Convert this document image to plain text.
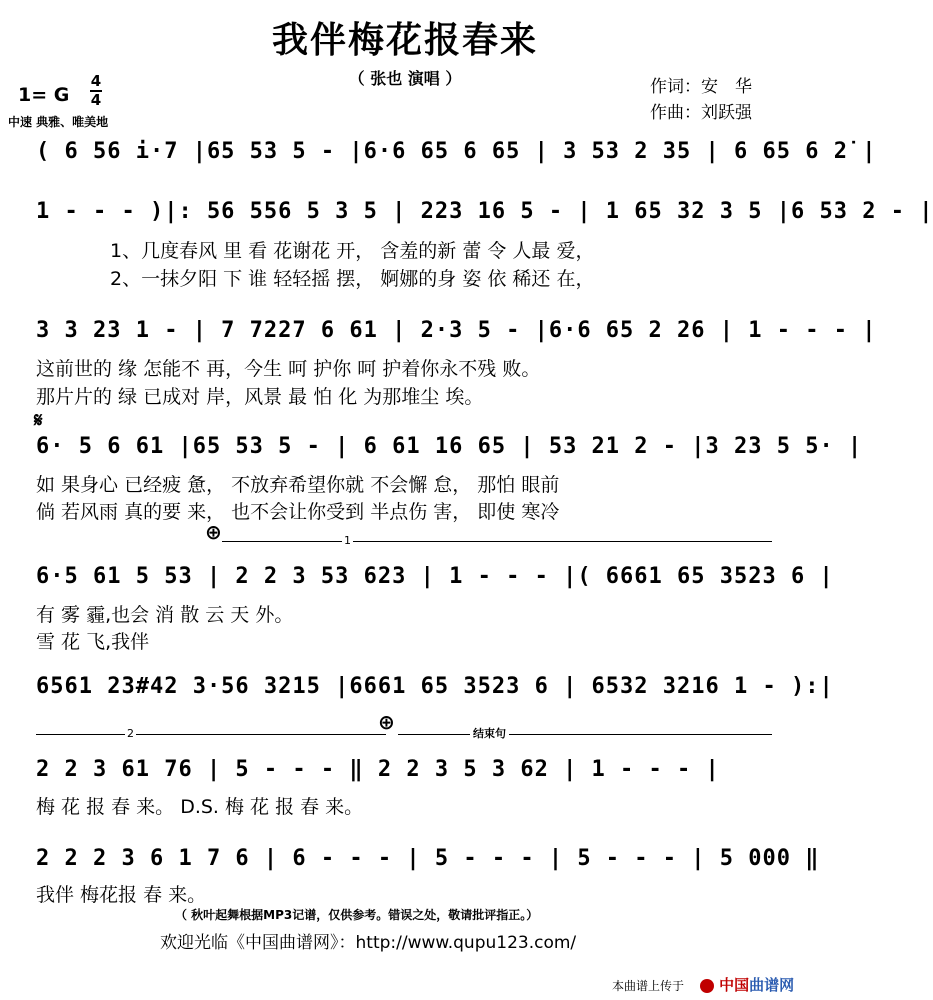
我伴梅花报春来
（ 张也 演唱 ）	作词：安　华
作曲：刘跃强
1= G
4
4
中速 典雅、唯美地
( 6 56 i·7 |65 53 5 - |6·6 65 6 65 | 3 53 2 35 | 6 65 6 2̇ |
1 - - - )|: 56 556 5 3 5 | 223 16 5 - | 1 65 32 3 5 |6 53 2 - |
1、几度春风 里 看 花谢花 开， 含羞的新 蕾 令 人最 爱，
2、一抹夕阳 下 谁 轻轻摇 摆， 婀娜的身 姿 依 稀还 在，
3 3 23 1 - | 7 7227 6 61 | 2·3 5 - |6·6 65 2 26 | 1 - - - |
这前世的 缘 怎能不 再，今生 呵 护你 呵 护着你永不残 败。
那片片的 绿 已成对 岸，风景 最 怕 化 为那堆尘 埃。
𝄋
6· 5 6 61 |65 53 5 - | 6 61 16 65 | 53 21 2 - |3 23 5 5· |
如 果身心 已经疲 惫， 不放弃希望你就 不会懈 怠， 那怕 眼前
倘 若风雨 真的要 来， 也不会让你受到 半点伤 害， 即使 寒冷
⊕	1
6·5 61 5 53 | 2 2 3 53 623 | 1 - - - |( 6661 65 3523 6 |
有 雾 霾,也会 消 散 云 天 外。
雪 花 飞,我伴
6561 23#42 3·56 3215 |6661 65 3523 6 | 6532 3216 1 - ):|
2	⊕	结束句
2 2 3 61 76 | 5 - - - ‖ 2 2 3 5 3 62 | 1 - - - |
梅 花 报 春 来。 D.S. 梅 花 报 春 来。
2 2 2 3 6 1 7 6 | 6 - - - | 5 - - - | 5 - - - | 5 000 ‖
我伴 梅花报 春 来。
（ 秋叶起舞根据MP3记谱，仅供参考。错误之处，敬请批评指正。）
欢迎光临《中国曲谱网》：http://www.qupu123.com/
本曲谱上传于	中国曲谱网
